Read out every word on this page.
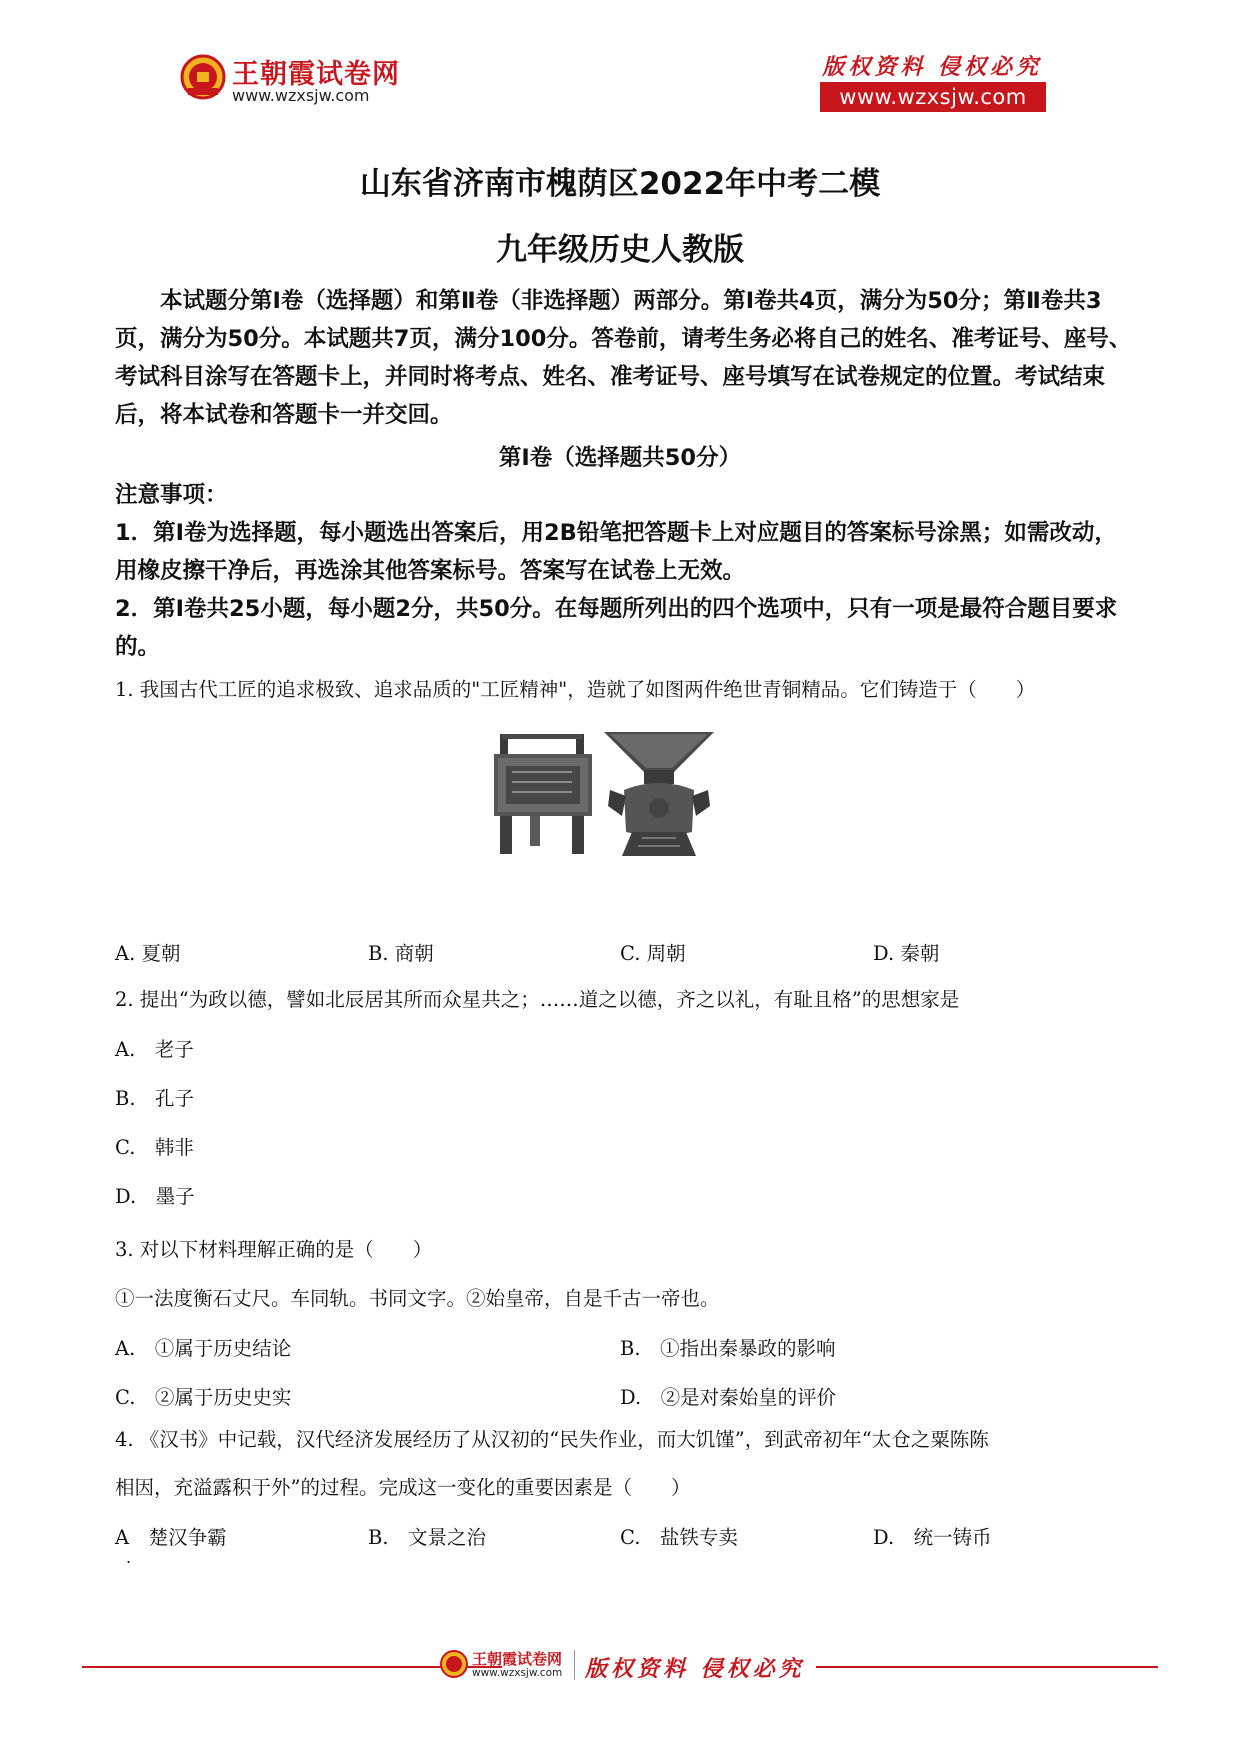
王朝霞试卷网
www.wzxsjw.com
版权资料 侵权必究
www.wzxsjw.com
山东省济南市槐荫区2022年中考二模
九年级历史人教版
本试题分第Ⅰ卷（选择题）和第Ⅱ卷（非选择题）两部分。第Ⅰ卷共4页，满分为50分；第Ⅱ卷共3页，满分为50分。本试题共7页，满分100分。答卷前，请考生务必将自己的姓名、准考证号、座号、考试科目涂写在答题卡上，并同时将考点、姓名、准考证号、座号填写在试卷规定的位置。考试结束后，将本试卷和答题卡一并交回。
第Ⅰ卷（选择题共50分）

注意事项：

1．第Ⅰ卷为选择题，每小题选出答案后，用2B铅笔把答题卡上对应题目的答案标号涂黑；如需改动，用橡皮擦干净后，再选涂其他答案标号。答案写在试卷上无效。

2．第Ⅰ卷共25小题，每小题2分，共50分。在每题所列出的四个选项中，只有一项是最符合题目要求的。

1. 我国古代工匠的追求极致、追求品质的"工匠精神"，造就了如图两件绝世青铜精品。它们铸造于（　　）
A. 夏朝	B. 商朝	C. 周朝	D. 秦朝
2. 提出“为政以德，譬如北辰居其所而众星共之；……道之以德，齐之以礼，有耻且格”的思想家是
A.　老子
B.　孔子
C.　韩非
D.　墨子
3. 对以下材料理解正确的是（　　）
①一法度衡石丈尺。车同轨。书同文字。②始皇帝，自是千古一帝也。
A.　①属于历史结论	B.　①指出秦暴政的影响
C.　②属于历史史实	D.　②是对秦始皇的评价
4. 《汉书》中记载，汉代经济发展经历了从汉初的“民失作业，而大饥馑”，到武帝初年“太仓之粟陈陈
相因，充溢露积于外”的过程。完成这一变化的重要因素是（　　）
A　楚汉争霸	B.　文景之治	C.　盐铁专卖	D.　统一铸币
.
王朝霞试卷网
www.wzxsjw.com 版权资料 侵权必究
